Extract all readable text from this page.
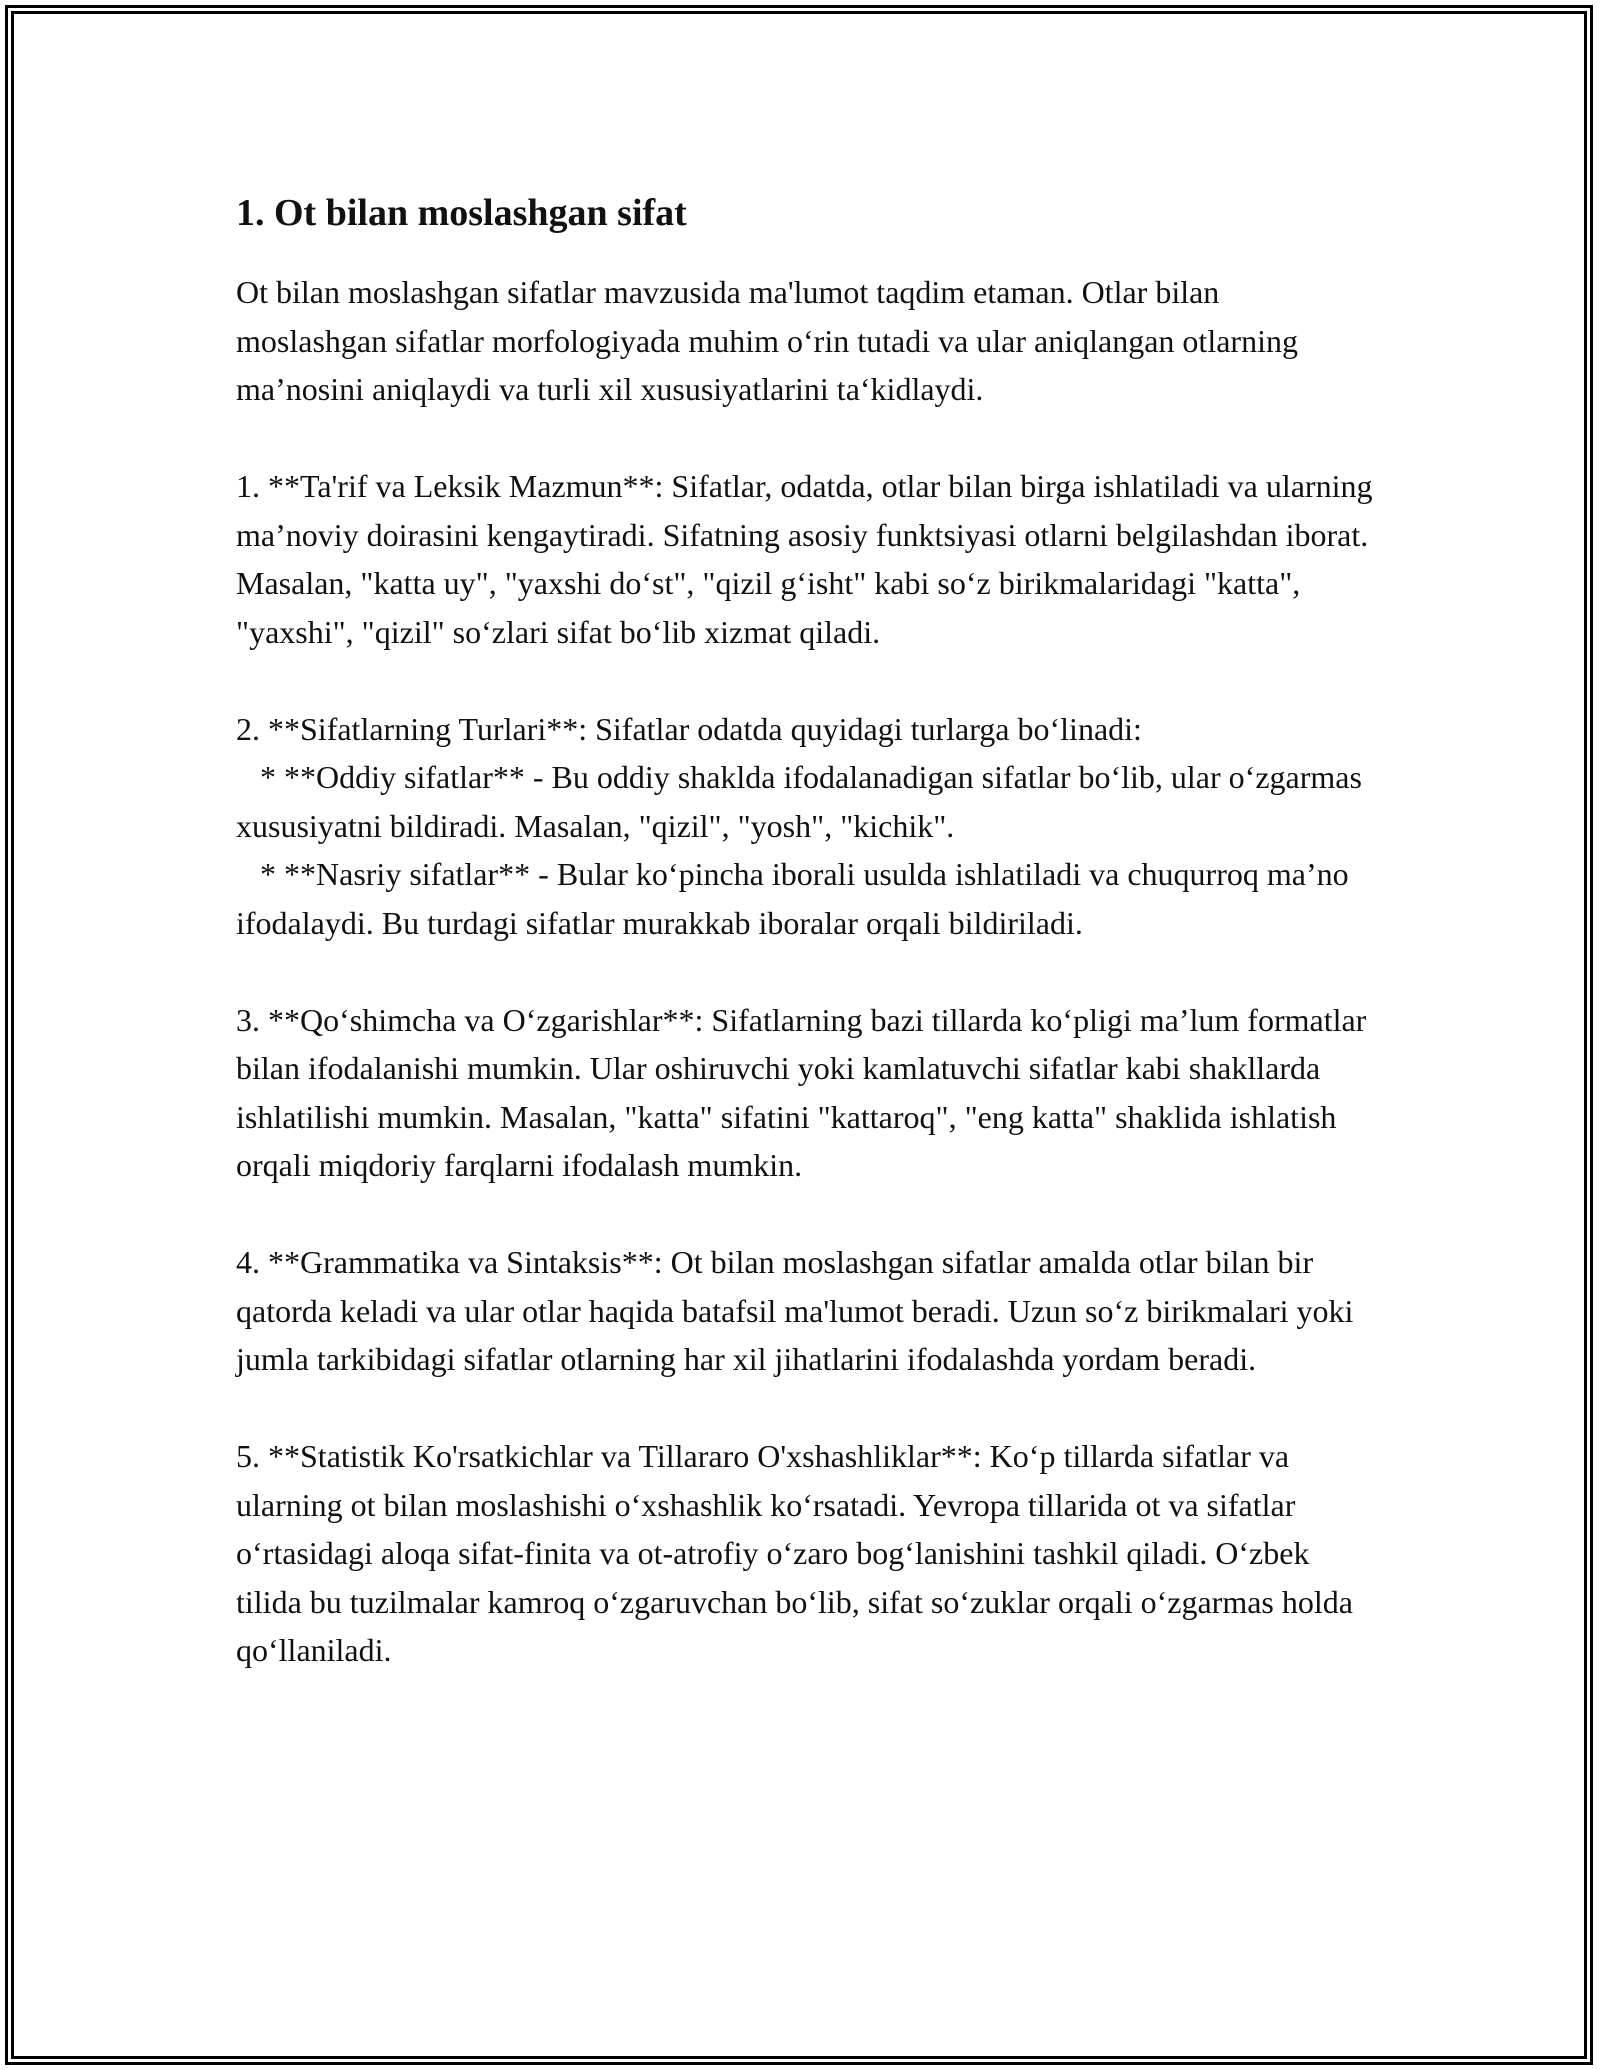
1. Ot bilan moslashgan sifat

Ot bilan moslashgan sifatlar mavzusida ma'lumot taqdim etaman. Otlar bilan moslashgan sifatlar morfologiyada muhim o‘rin tutadi va ular aniqlangan otlarning ma’nosini aniqlaydi va turli xil xususiyatlarini ta‘kidlaydi.

1. **Ta'rif va Leksik Mazmun**: Sifatlar, odatda, otlar bilan birga ishlatiladi va ularning ma’noviy doirasini kengaytiradi. Sifatning asosiy funktsiyasi otlarni belgilashdan iborat. Masalan, "katta uy", "yaxshi do‘st", "qizil g‘isht" kabi so‘z birikmalaridagi "katta", "yaxshi", "qizil" so‘zlari sifat bo‘lib xizmat qiladi.

2. **Sifatlarning Turlari**: Sifatlar odatda quyidagi turlarga bo‘linadi:
* **Oddiy sifatlar** - Bu oddiy shaklda ifodalanadigan sifatlar bo‘lib, ular o‘zgarmas xususiyatni bildiradi. Masalan, "qizil", "yosh", "kichik".
* **Nasriy sifatlar** - Bular ko‘pincha iborali usulda ishlatiladi va chuqurroq ma’no ifodalaydi. Bu turdagi sifatlar murakkab iboralar orqali bildiriladi.

3. **Qo‘shimcha va O‘zgarishlar**: Sifatlarning bazi tillarda ko‘pligi ma’lum formatlar bilan ifodalanishi mumkin. Ular oshiruvchi yoki kamlatuvchi sifatlar kabi shakllarda ishlatilishi mumkin. Masalan, "katta" sifatini "kattaroq", "eng katta" shaklida ishlatish orqali miqdoriy farqlarni ifodalash mumkin.

4. **Grammatika va Sintaksis**: Ot bilan moslashgan sifatlar amalda otlar bilan bir qatorda keladi va ular otlar haqida batafsil ma'lumot beradi. Uzun so‘z birikmalari yoki jumla tarkibidagi sifatlar otlarning har xil jihatlarini ifodalashda yordam beradi.

5. **Statistik Ko'rsatkichlar va Tillararo O'xshashliklar**: Ko‘p tillarda sifatlar va ularning ot bilan moslashishi o‘xshashlik ko‘rsatadi. Yevropa tillarida ot va sifatlar o‘rtasidagi aloqa sifat-finita va ot-atrofiy o‘zaro bog‘lanishini tashkil qiladi. O‘zbek tilida bu tuzilmalar kamroq o‘zgaruvchan bo‘lib, sifat so‘zuklar orqali o‘zgarmas holda qo‘llaniladi.
